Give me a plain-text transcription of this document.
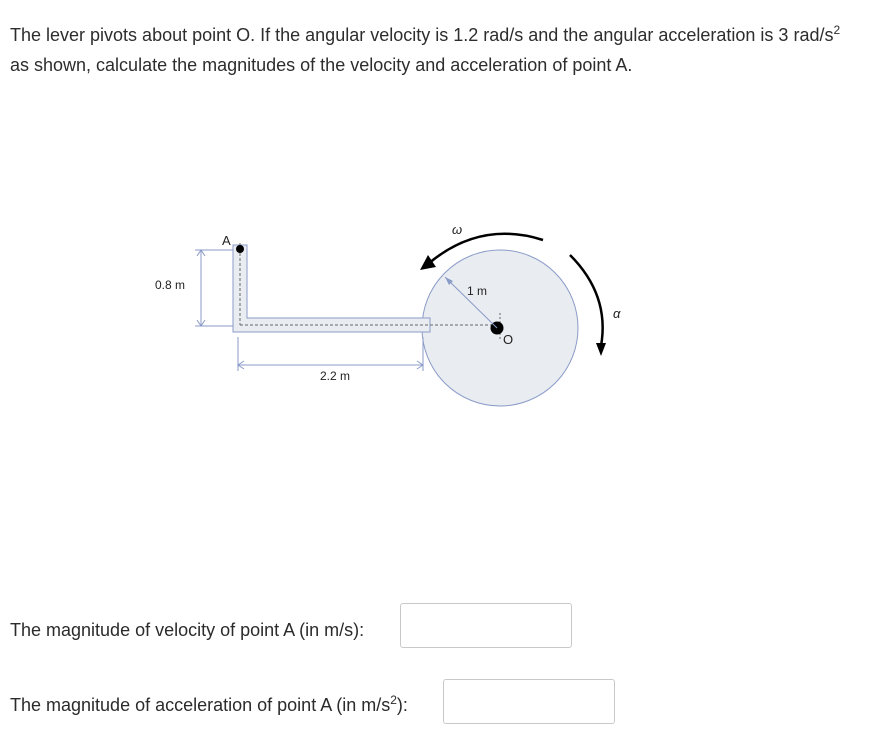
The lever pivots about point O. If the angular velocity is 1.2 rad/s and the angular acceleration is 3 rad/$s^2$ as shown, calculate the magnitudes of the velocity and acceleration of point A.
A
O
1 m
0.8 m
2.2 m
ω
α
The magnitude of velocity of point A (in m/s):
The magnitude of acceleration of point A (in $m/s^2$):
